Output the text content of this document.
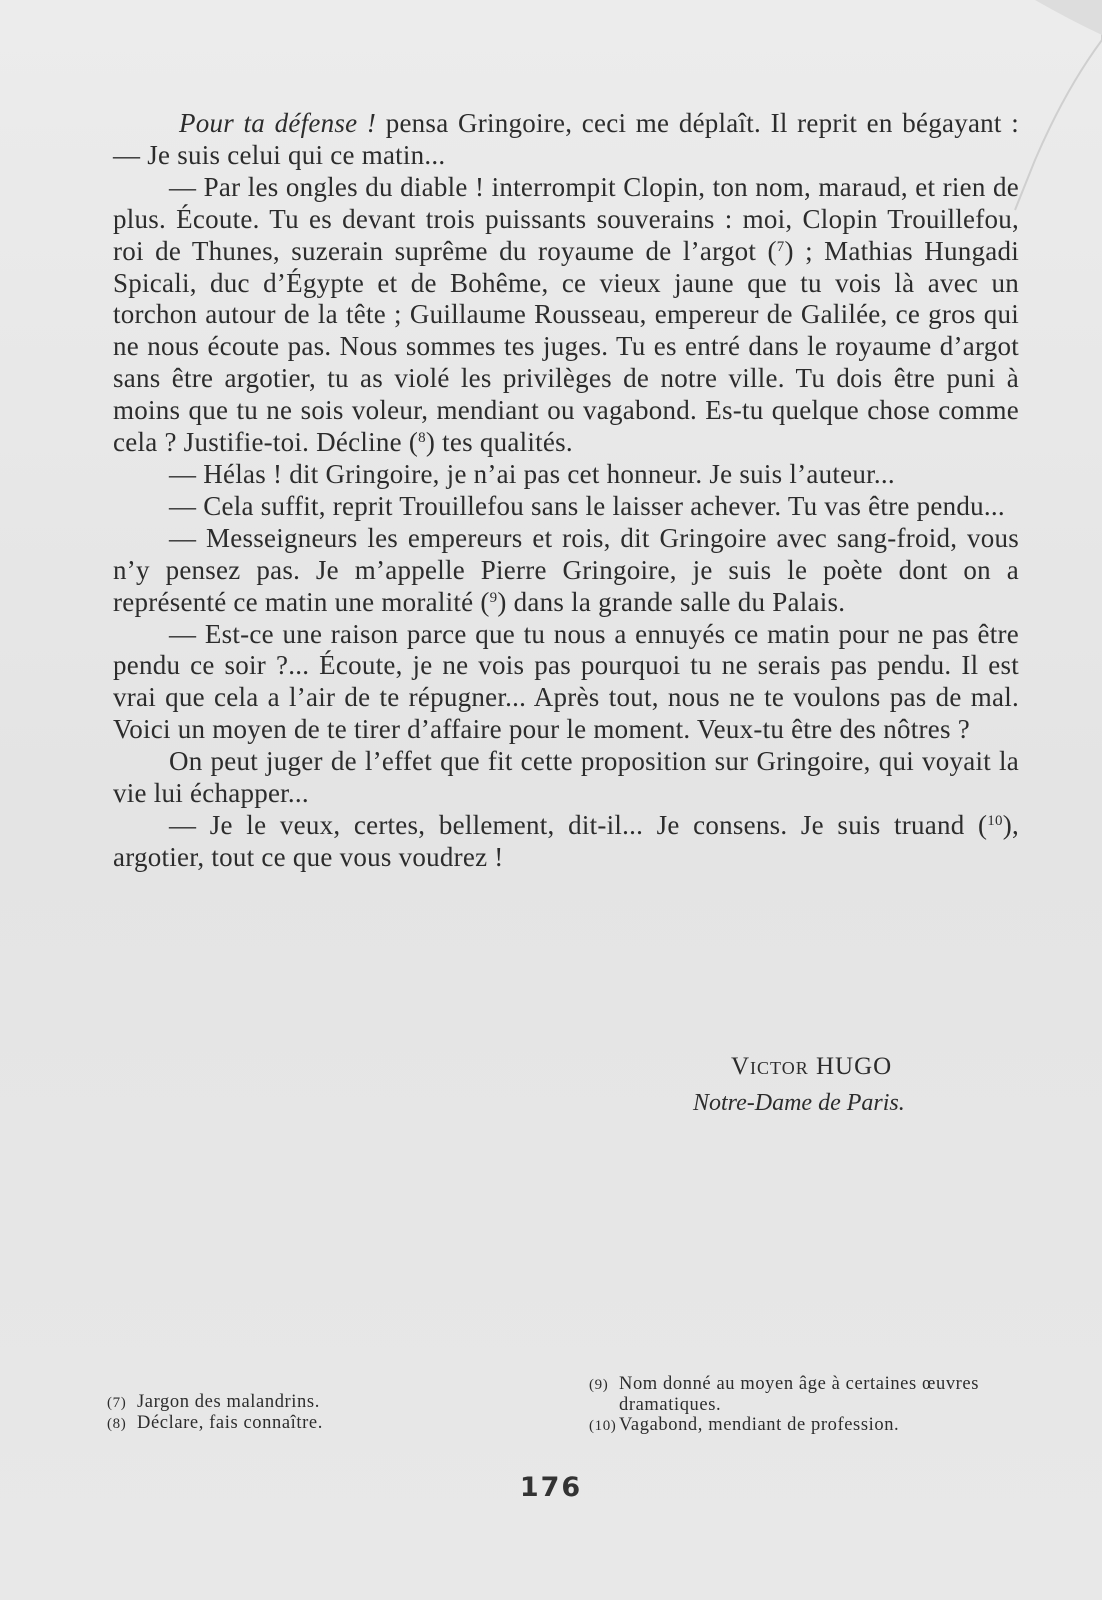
Pour ta défense ! pensa Gringoire, ceci me déplaît. Il reprit en bégayant : — Je suis celui qui ce matin...

— Par les ongles du diable ! interrompit Clopin, ton nom, maraud, et rien de plus. Écoute. Tu es devant trois puissants souverains : moi, Clopin Trouillefou, roi de Thunes, suzerain suprême du royaume de l’argot ($^7$) ; Mathias Hungadi Spicali, duc d’Égypte et de Bohême, ce vieux jaune que tu vois là avec un torchon autour de la tête ; Guillaume Rousseau, empereur de Galilée, ce gros qui ne nous écoute pas. Nous sommes tes juges. Tu es entré dans le royaume d’argot sans être argotier, tu as violé les privilèges de notre ville. Tu dois être puni à moins que tu ne sois voleur, mendiant ou vagabond. Es-tu quelque chose comme cela ? Justifie-toi. Décline ($^8$) tes qualités.

— Hélas ! dit Gringoire, je n’ai pas cet honneur. Je suis l’auteur...

— Cela suffit, reprit Trouillefou sans le laisser achever. Tu vas être pendu...

— Messeigneurs les empereurs et rois, dit Gringoire avec sang-froid, vous n’y pensez pas. Je m’appelle Pierre Gringoire, je suis le poète dont on a représenté ce matin une moralité ($^9$) dans la grande salle du Palais.

— Est-ce une raison parce que tu nous a ennuyés ce matin pour ne pas être pendu ce soir ?... Écoute, je ne vois pas pourquoi tu ne serais pas pendu. Il est vrai que cela a l’air de te répugner... Après tout, nous ne te voulons pas de mal. Voici un moyen de te tirer d’affaire pour le moment. Veux-tu être des nôtres ?

On peut juger de l’effet que fit cette proposition sur Gringoire, qui voyait la vie lui échapper...

— Je le veux, certes, bellement, dit-il... Je consens. Je suis truand ($^{10}$), argotier, tout ce que vous voudrez !

Victor HUGO
Notre-Dame de Paris.

(7) Jargon des malandrins.

(8) Déclare, fais connaître.

(9) Nom donné au moyen âge à certaines œuvres dramatiques.

(10) Vagabond, mendiant de profession.

176
